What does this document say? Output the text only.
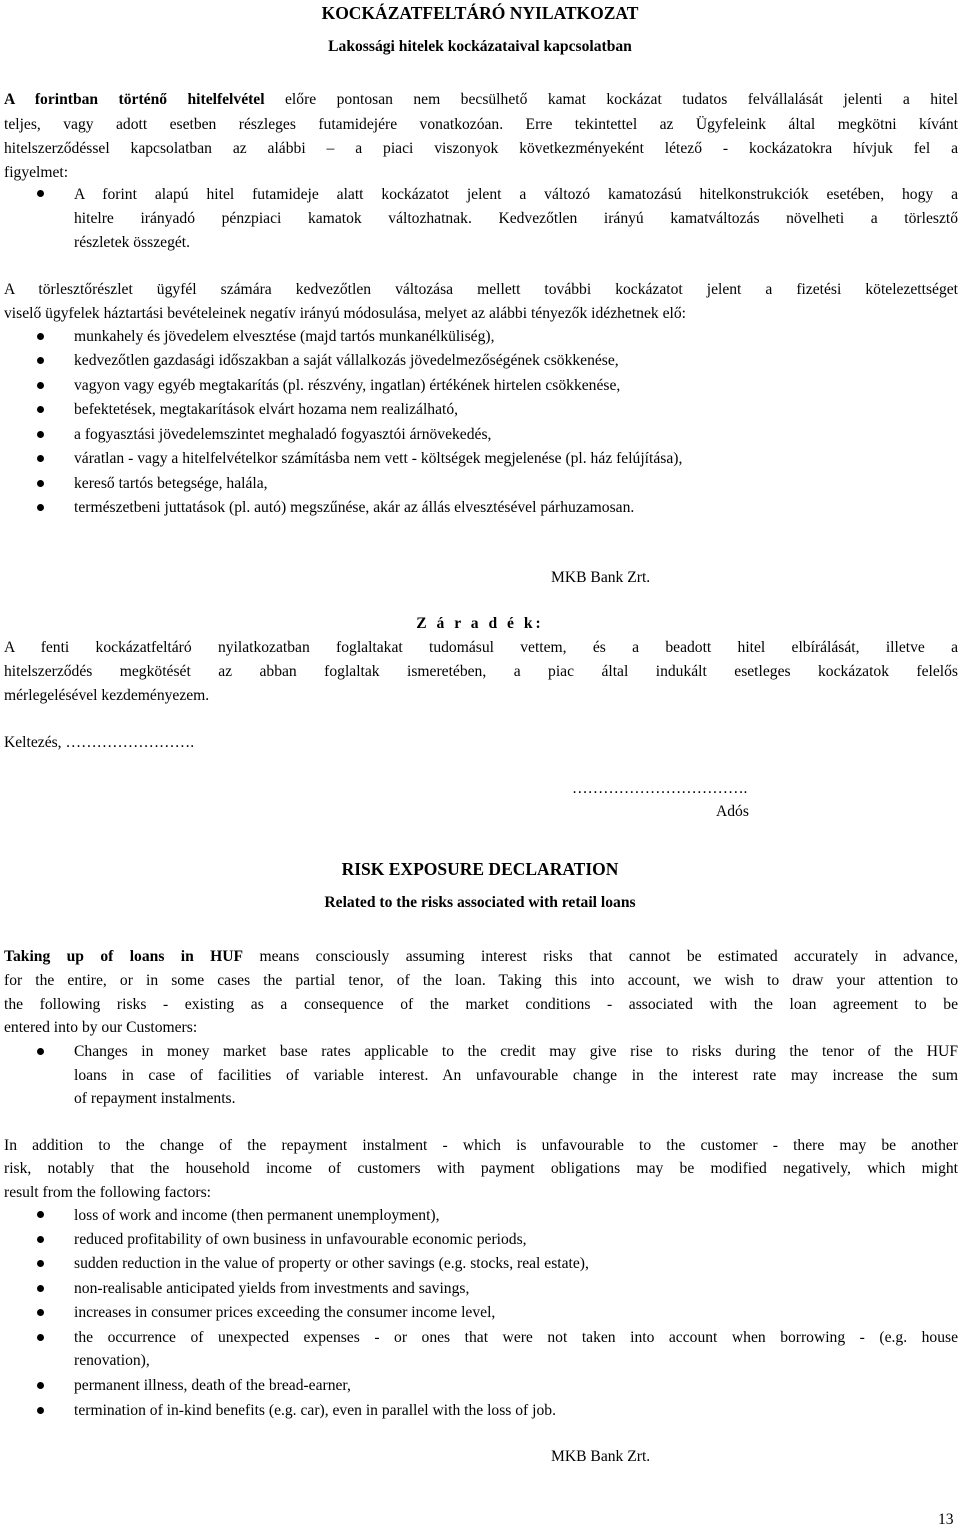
KOCKÁZATFELTÁRÓ NYILATKOZAT
Lakossági hitelek kockázataival kapcsolatban
A forintban történő hitelfelvétel előre pontosan nem becsülhető kamat kockázat tudatos felvállalását jelenti a hitel
teljes, vagy adott esetben részleges futamidejére vonatkozóan. Erre tekintettel az Ügyfeleink által megkötni kívánt
hitelszerződéssel kapcsolatban az alábbi – a piaci viszonyok következményeként létező - kockázatokra hívjuk fel a
figyelmet:
A forint alapú hitel futamideje alatt kockázatot jelent a változó kamatozású hitelkonstrukciók esetében, hogy a
hitelre irányadó pénzpiaci kamatok változhatnak. Kedvezőtlen irányú kamatváltozás növelheti a törlesztő
részletek összegét.
A törlesztőrészlet ügyfél számára kedvezőtlen változása mellett további kockázatot jelent a fizetési kötelezettséget
viselő ügyfelek háztartási bevételeinek negatív irányú módosulása, melyet az alábbi tényezők idézhetnek elő:
munkahely és jövedelem elvesztése (majd tartós munkanélküliség),
kedvezőtlen gazdasági időszakban a saját vállalkozás jövedelmezőségének csökkenése,
vagyon vagy egyéb megtakarítás (pl. részvény, ingatlan) értékének hirtelen csökkenése,
befektetések, megtakarítások elvárt hozama nem realizálható,
a fogyasztási jövedelemszintet meghaladó fogyasztói árnövekedés,
váratlan - vagy a hitelfelvételkor számításba nem vett - költségek megjelenése (pl. ház felújítása),
kereső tartós betegsége, halála,
természetbeni juttatások (pl. autó) megszűnése, akár az állás elvesztésével párhuzamosan.
MKB Bank Zrt.
Z á r a d é k:
A fenti kockázatfeltáró nyilatkozatban foglaltakat tudomásul vettem, és a beadott hitel elbírálását, illetve a
hitelszerződés megkötését az abban foglaltak ismeretében, a piac által indukált esetleges kockázatok felelős
mérlegelésével kezdeményezem.
Keltezés, …………………….
…………………………….
Adós
RISK EXPOSURE DECLARATION
Related to the risks associated with retail loans
Taking up of loans in HUF means consciously assuming interest risks that cannot be estimated accurately in advance,
for the entire, or in some cases the partial tenor, of the loan. Taking this into account, we wish to draw your attention to
the following risks - existing as a consequence of the market conditions - associated with the loan agreement to be
entered into by our Customers:
Changes in money market base rates applicable to the credit may give rise to risks during the tenor of the HUF
loans in case of facilities of variable interest. An unfavourable change in the interest rate may increase the sum
of repayment instalments.
In addition to the change of the repayment instalment - which is unfavourable to the customer - there may be another
risk, notably that the household income of customers with payment obligations may be modified negatively, which might
result from the following factors:
loss of work and income (then permanent unemployment),
reduced profitability of own business in unfavourable economic periods,
sudden reduction in the value of property or other savings (e.g. stocks, real estate),
non-realisable anticipated yields from investments and savings,
increases in consumer prices exceeding the consumer income level,
the occurrence of unexpected expenses - or ones that were not taken into account when borrowing - (e.g. house
renovation),
permanent illness, death of the bread-earner,
termination of in-kind benefits (e.g. car), even in parallel with the loss of job.
MKB Bank Zrt.
13
